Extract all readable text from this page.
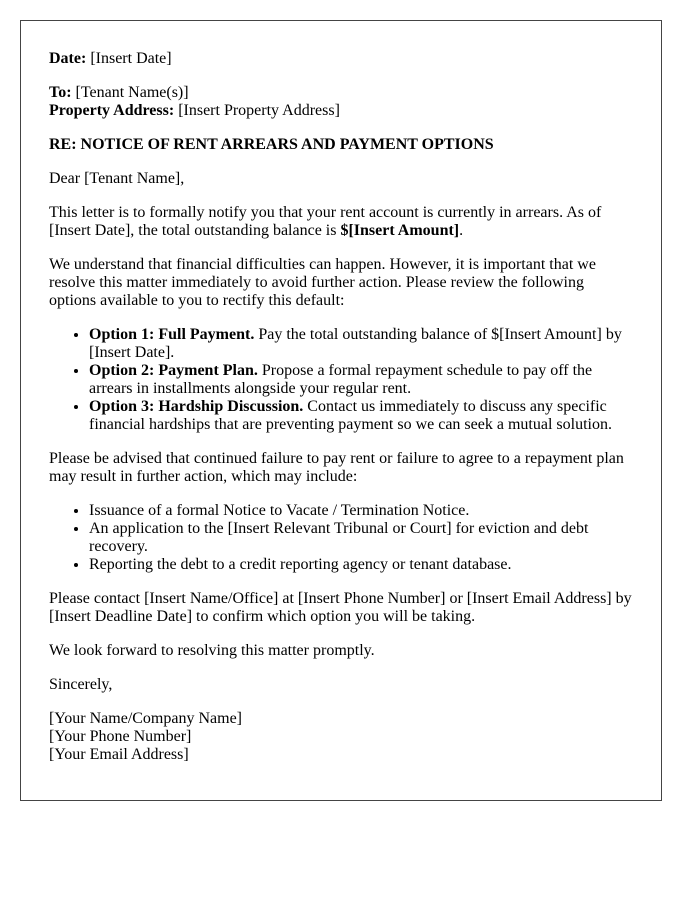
Date: [Insert Date]

To: [Tenant Name(s)]
Property Address: [Insert Property Address]

RE: NOTICE OF RENT ARREARS AND PAYMENT OPTIONS

Dear [Tenant Name],

This letter is to formally notify you that your rent account is currently in arrears. As of [Insert Date], the total outstanding balance is $[Insert Amount].

We understand that financial difficulties can happen. However, it is important that we resolve this matter immediately to avoid further action. Please review the following options available to you to rectify this default:

• Option 1: Full Payment. Pay the total outstanding balance of $[Insert Amount] by [Insert Date].
• Option 2: Payment Plan. Propose a formal repayment schedule to pay off the arrears in installments alongside your regular rent.
• Option 3: Hardship Discussion. Contact us immediately to discuss any specific financial hardships that are preventing payment so we can seek a mutual solution.

Please be advised that continued failure to pay rent or failure to agree to a repayment plan may result in further action, which may include:

• Issuance of a formal Notice to Vacate / Termination Notice.
• An application to the [Insert Relevant Tribunal or Court] for eviction and debt recovery.
• Reporting the debt to a credit reporting agency or tenant database.

Please contact [Insert Name/Office] at [Insert Phone Number] or [Insert Email Address] by [Insert Deadline Date] to confirm which option you will be taking.

We look forward to resolving this matter promptly.

Sincerely,

[Your Name/Company Name]
[Your Phone Number]
[Your Email Address]
